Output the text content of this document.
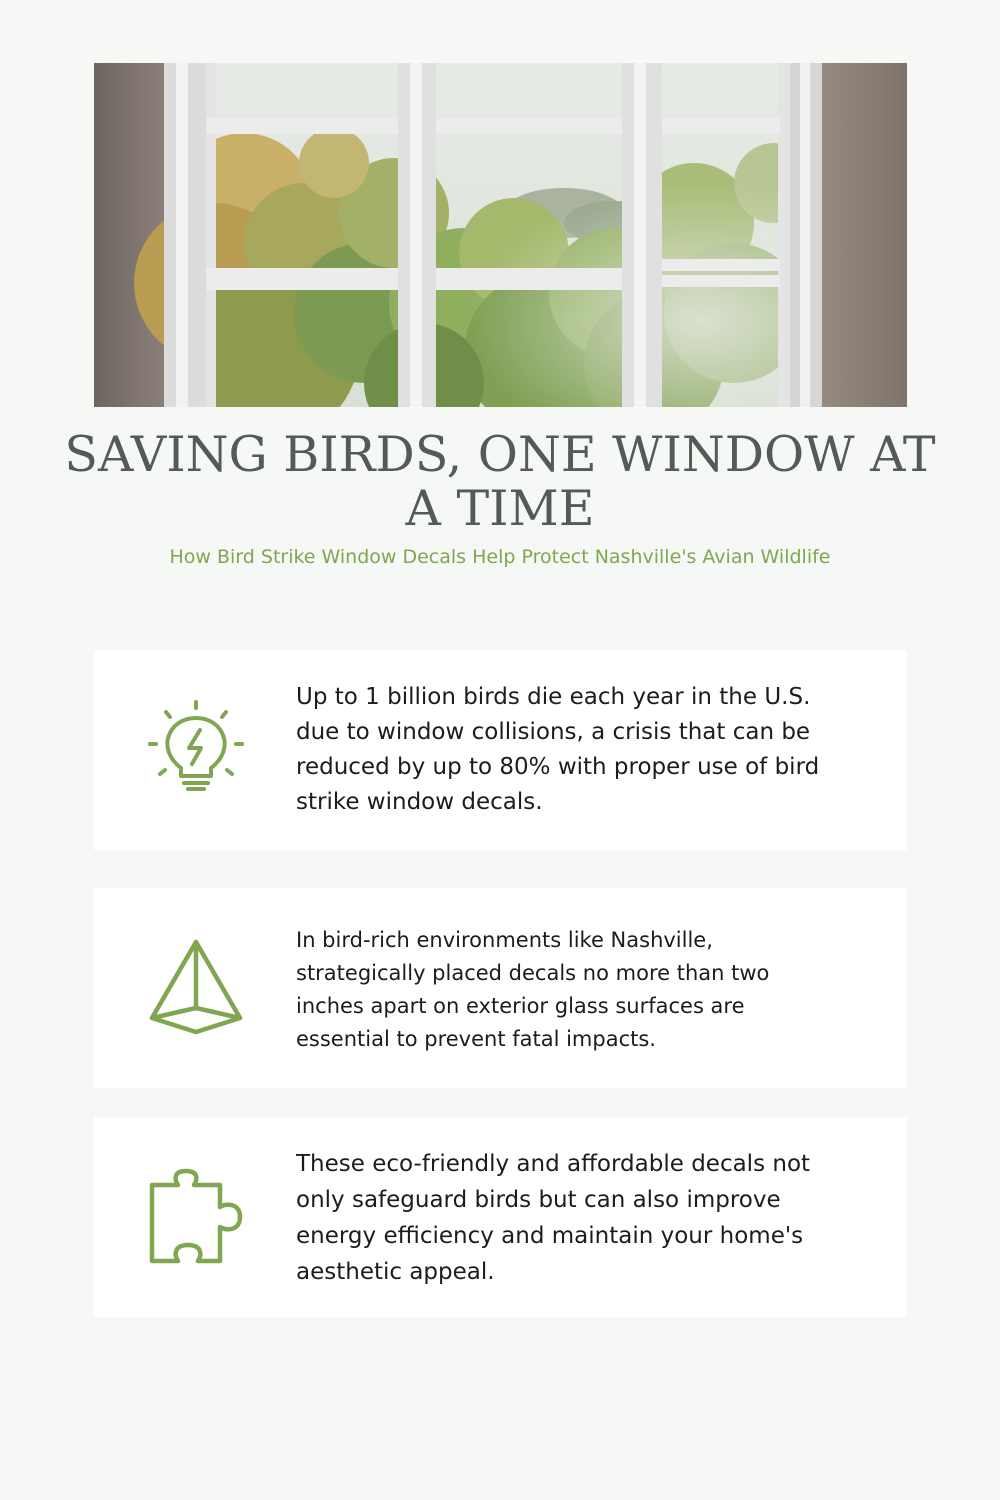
SAVING BIRDS, ONE WINDOW AT A TIME

How Bird Strike Window Decals Help Protect Nashville's Avian Wildlife

Up to 1 billion birds die each year in the U.S. due to window collisions, a crisis that can be reduced by up to 80% with proper use of bird strike window decals.

In bird-rich environments like Nashville, strategically placed decals no more than two inches apart on exterior glass surfaces are essential to prevent fatal impacts.

These eco-friendly and affordable decals not only safeguard birds but can also improve energy efficiency and maintain your home's aesthetic appeal.
